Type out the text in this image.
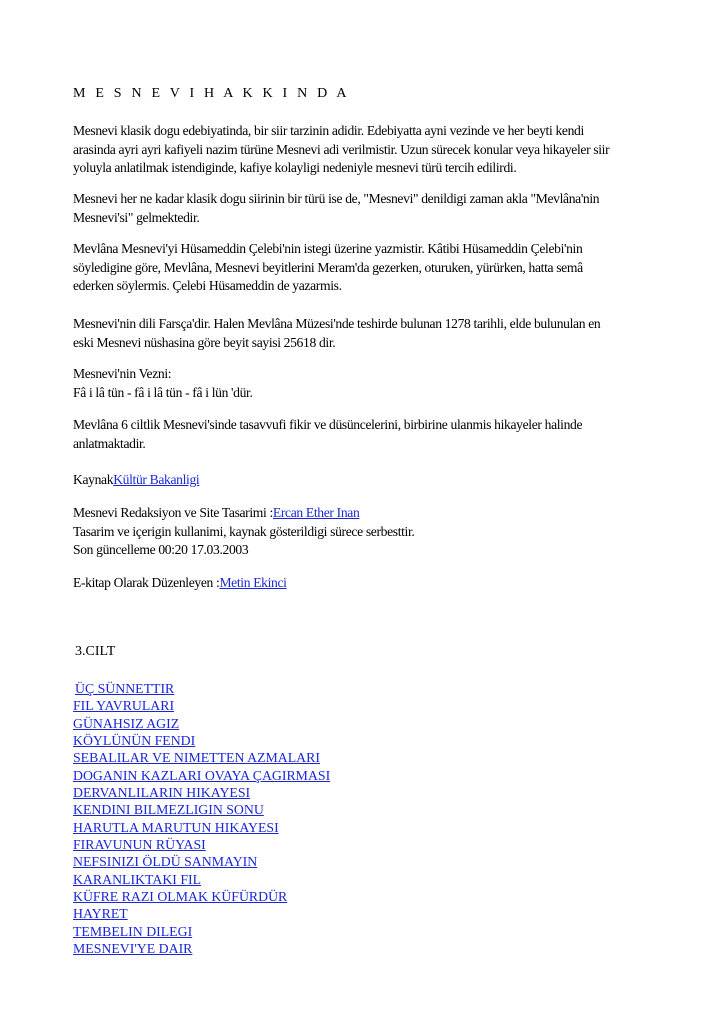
M E S N E V I H A K K I N D A
Mesnevi klasik dogu edebiyatinda, bir siir tarzinin adidir. Edebiyatta ayni vezinde ve her beyti kendi
arasinda ayri ayri kafiyeli nazim türüne Mesnevi adi verilmistir. Uzun sürecek konular veya hikayeler siir
yoluyla anlatilmak istendiginde, kafiye kolayligi nedeniyle mesnevi türü tercih edilirdi.
Mesnevi her ne kadar klasik dogu siirinin bir türü ise de, "Mesnevi" denildigi zaman akla "Mevlâna'nin
Mesnevi'si" gelmektedir.
Mevlâna Mesnevi'yi Hüsameddin Çelebi'nin istegi üzerine yazmistir. Kâtibi Hüsameddin Çelebi'nin
söyledigine göre, Mevlâna, Mesnevi beyitlerini Meram'da gezerken, oturuken, yürürken, hatta semâ
ederken söylermis. Çelebi Hüsameddin de yazarmis.
Mesnevi'nin dili Farsça'dir. Halen Mevlâna Müzesi'nde teshirde bulunan 1278 tarihli, elde bulunulan en
eski Mesnevi nüshasina göre beyit sayisi 25618 dir.
Mesnevi'nin Vezni:
Fâ i lâ tün - fâ i lâ tün - fâ i lün 'dür.
Mevlâna 6 ciltlik Mesnevi'sinde tasavvufi fikir ve düsüncelerini, birbirine ulanmis hikayeler halinde
anlatmaktadir.
KaynakKültür Bakanligi
Mesnevi Redaksiyon ve Site Tasarimi :Ercan Ether Inan
Tasarim ve içerigin kullanimi, kaynak gösterildigi sürece serbesttir.
Son güncelleme 00:20 17.03.2003
E-kitap Olarak Düzenleyen :Metin Ekinci
3.CILT
ÜÇ SÜNNETTIR
FIL YAVRULARI
GÜNAHSIZ AGIZ
KÖYLÜNÜN FENDI
SEBALILAR VE NIMETTEN AZMALARI
DOGANIN KAZLARI OVAYA ÇAGIRMASI
DERVANLILARIN HIKAYESI
KENDINI BILMEZLIGIN SONU
HARUTLA MARUTUN HIKAYESI
FIRAVUNUN RÜYASI
NEFSINIZI ÖLDÜ SANMAYIN
KARANLIKTAKI FIL
KÜFRE RAZI OLMAK KÜFÜRDÜR
HAYRET
TEMBELIN DILEGI
MESNEVI'YE DAIR
